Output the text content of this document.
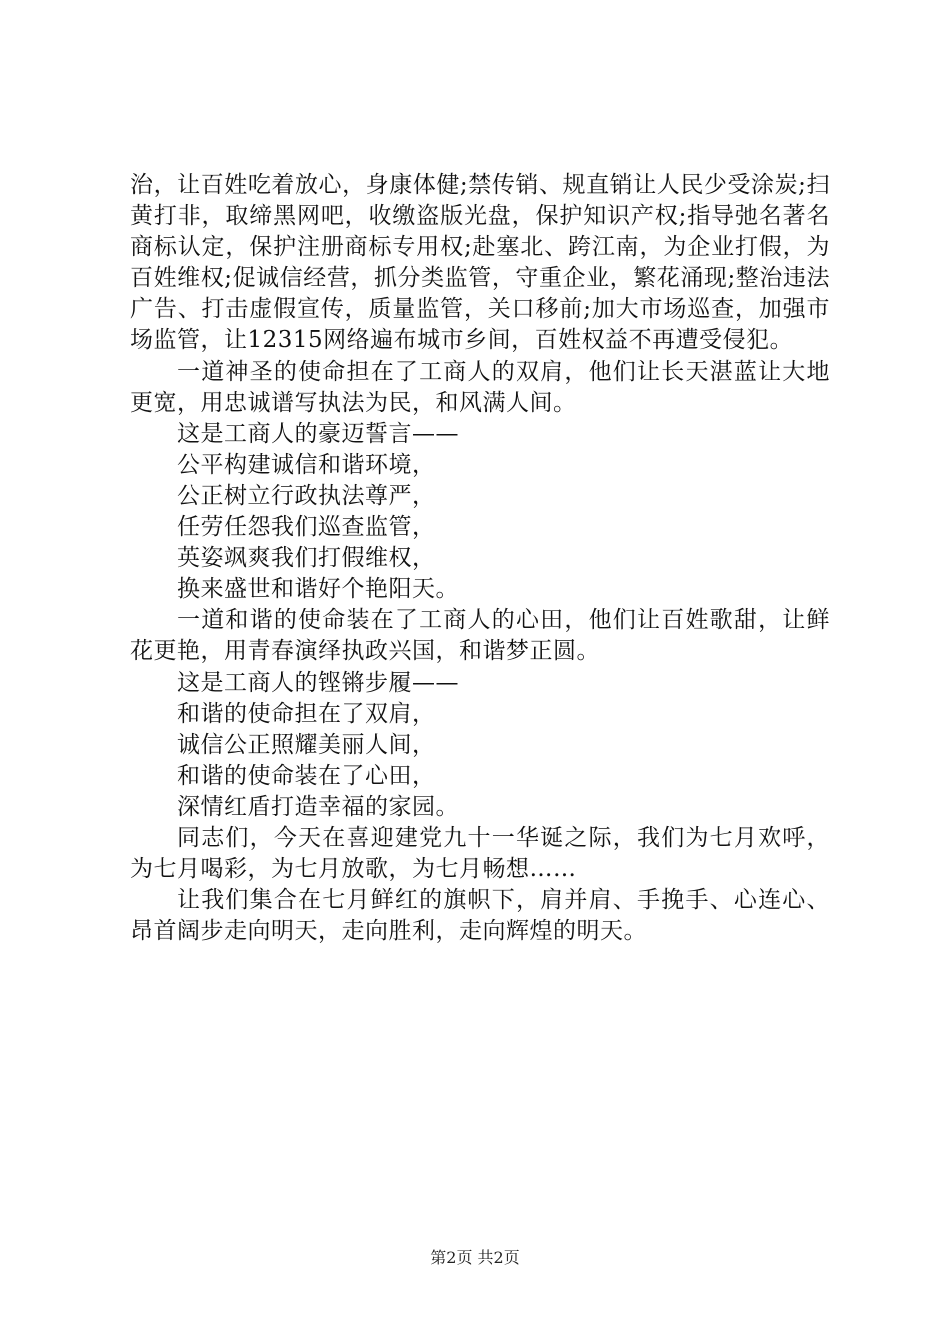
治，让百姓吃着放心，身康体健;禁传销、规直销让人民少受涂炭;扫黄打非，取缔黑网吧，收缴盗版光盘，保护知识产权;指导弛名著名商标认定，保护注册商标专用权;赴塞北、跨江南，为企业打假，为百姓维权;促诚信经营，抓分类监管，守重企业，繁花涌现;整治违法广告、打击虚假宣传，质量监管，关口移前;加大市场巡查，加强市场监管，让12315网络遍布城市乡间，百姓权益不再遭受侵犯。

一道神圣的使命担在了工商人的双肩，他们让长天湛蓝让大地更宽，用忠诚谱写执法为民，和风满人间。

这是工商人的豪迈誓言——

公平构建诚信和谐环境，

公正树立行政执法尊严，

任劳任怨我们巡查监管，

英姿飒爽我们打假维权，

换来盛世和谐好个艳阳天。

一道和谐的使命装在了工商人的心田，他们让百姓歌甜，让鲜花更艳，用青春演绎执政兴国，和谐梦正圆。

这是工商人的铿锵步履——

和谐的使命担在了双肩，

诚信公正照耀美丽人间，

和谐的使命装在了心田，

深情红盾打造幸福的家园。

同志们，今天在喜迎建党九十一华诞之际，我们为七月欢呼，为七月喝彩，为七月放歌，为七月畅想……

让我们集合在七月鲜红的旗帜下，肩并肩、手挽手、心连心、昂首阔步走向明天，走向胜利，走向辉煌的明天。

第2页 共2页
